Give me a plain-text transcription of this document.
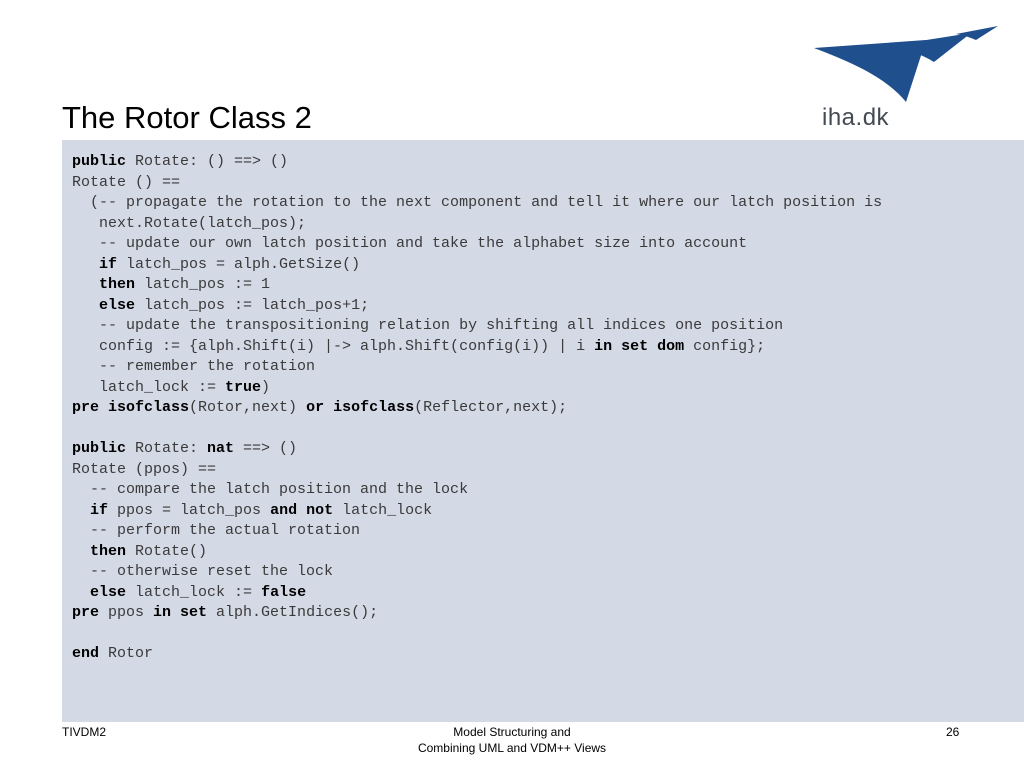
The Rotor Class 2	iha.dk
public Rotate: () ==> ()
Rotate () ==
(-- propagate the rotation to the next component and tell it where our latch position is
next.Rotate(latch_pos);
-- update our own latch position and take the alphabet size into account
if latch_pos = alph.GetSize()
then latch_pos := 1
else latch_pos := latch_pos+1;
-- update the transpositioning relation by shifting all indices one position
config := {alph.Shift(i) |-> alph.Shift(config(i)) | i in set dom config};
-- remember the rotation
latch_lock := true)
pre isofclass(Rotor,next) or isofclass(Reflector,next);
public Rotate: nat ==> ()
Rotate (ppos) ==
-- compare the latch position and the lock
if ppos = latch_pos and not latch_lock
-- perform the actual rotation
then Rotate()
-- otherwise reset the lock
else latch_lock := false
pre ppos in set alph.GetIndices();
end Rotor
TIVDM2	Model Structuring and
Combining UML and VDM++ Views
26
